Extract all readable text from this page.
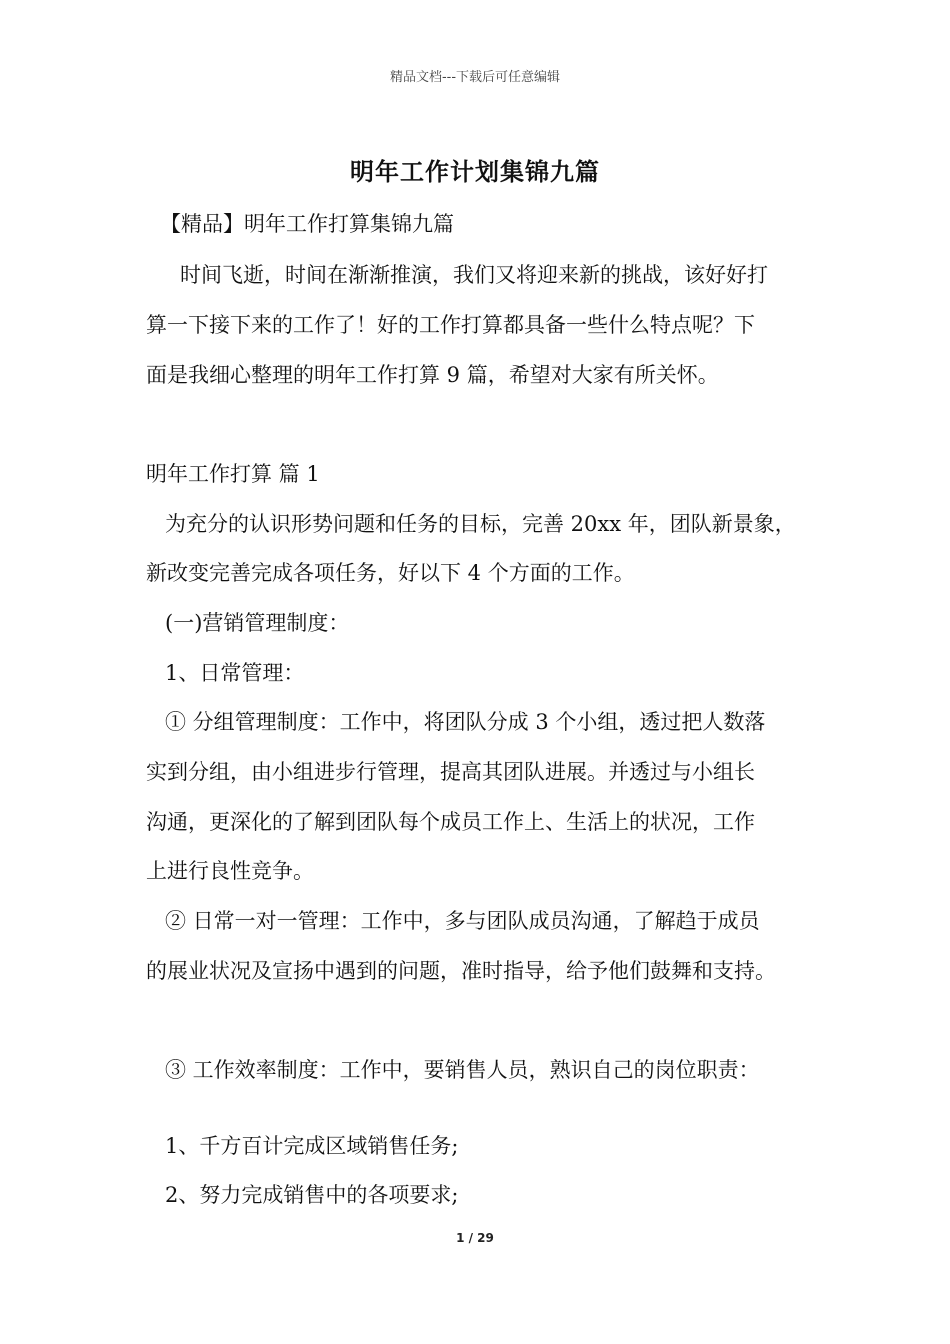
精品文档---下载后可任意编辑
明年工作计划集锦九篇
【精品】明年工作打算集锦九篇
时间飞逝，时间在渐渐推演，我们又将迎来新的挑战，该好好打
算一下接下来的工作了！好的工作打算都具备一些什么特点呢？下
面是我细心整理的明年工作打算 9 篇，希望对大家有所关怀。
明年工作打算 篇 1
为充分的认识形势问题和任务的目标，完善 20xx 年，团队新景象，
新改变完善完成各项任务，好以下 4 个方面的工作。
(一)营销管理制度：
1、日常管理：
① 分组管理制度：工作中，将团队分成 3 个小组，透过把人数落
实到分组，由小组进步行管理，提高其团队进展。并透过与小组长
沟通，更深化的了解到团队每个成员工作上、生活上的状况，工作
上进行良性竞争。
② 日常一对一管理：工作中，多与团队成员沟通，了解趋于成员
的展业状况及宣扬中遇到的问题，准时指导，给予他们鼓舞和支持。
③ 工作效率制度：工作中，要销售人员，熟识自己的岗位职责：
1、千方百计完成区域销售任务;
2、努力完成销售中的各项要求;
1 / 29
